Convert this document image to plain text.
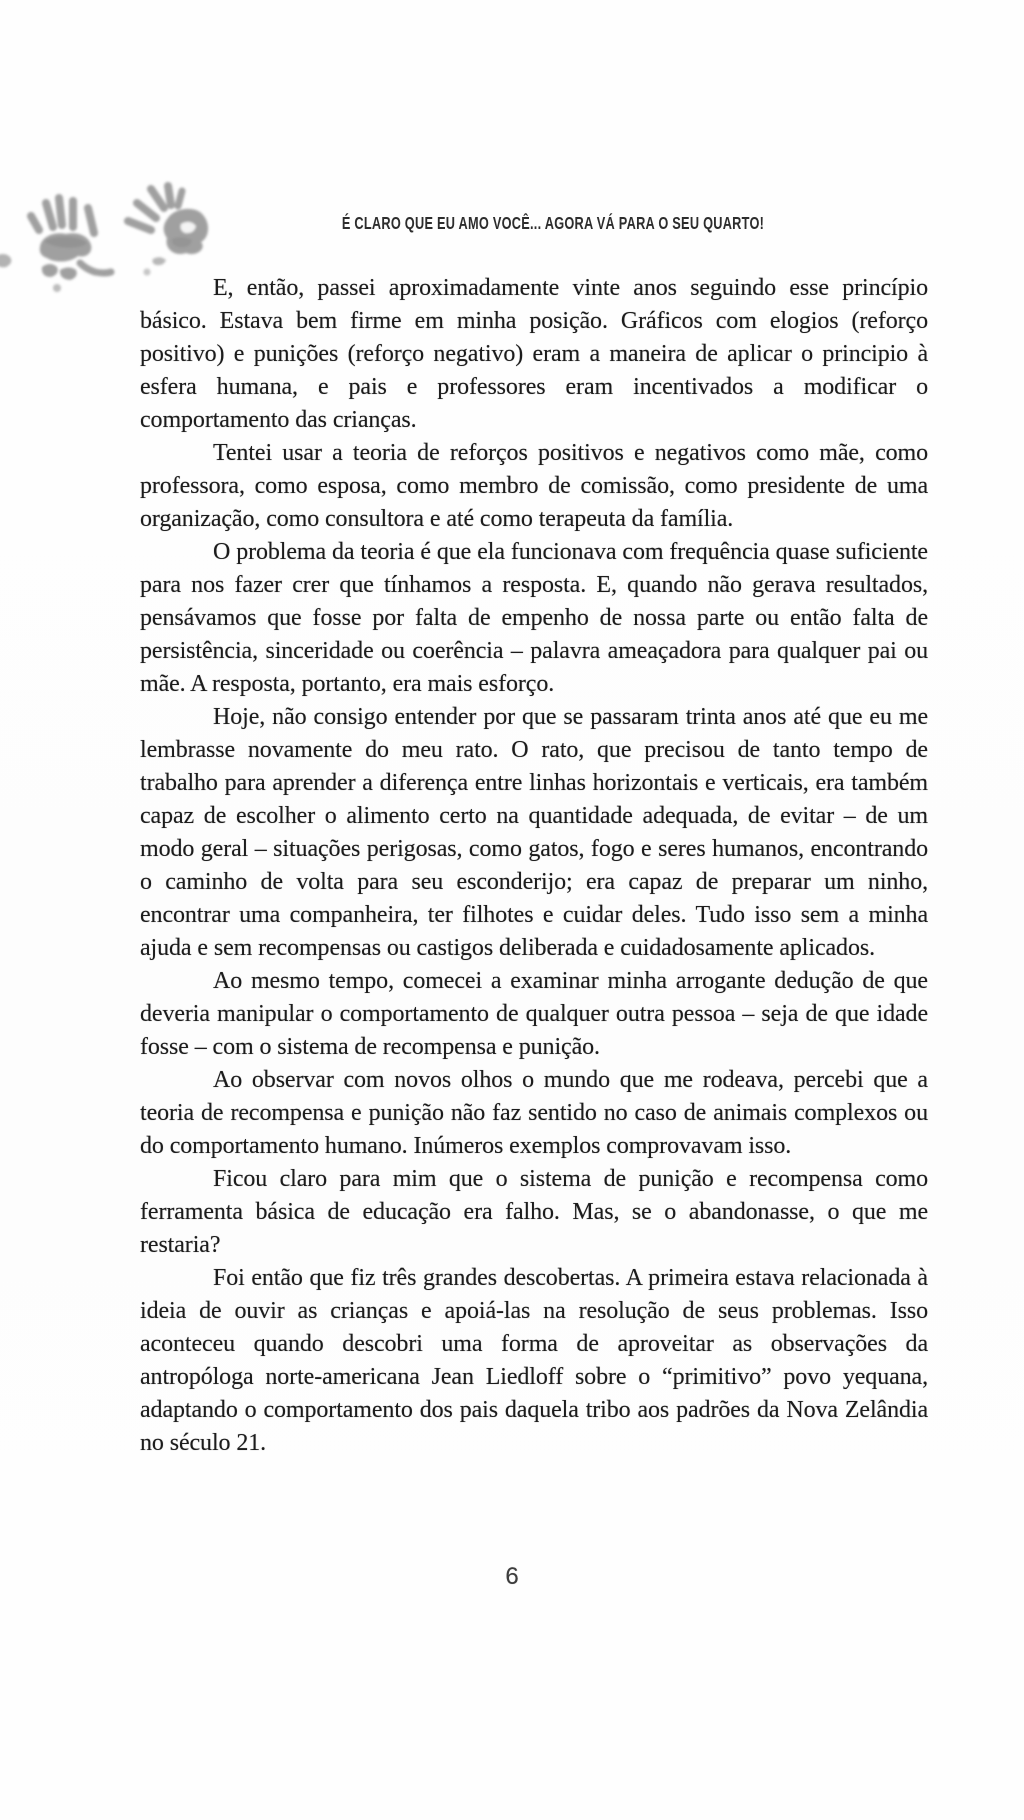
É CLARO QUE EU AMO VOCÊ... AGORA VÁ PARA O SEU QUARTO!

E, então, passei aproximadamente vinte anos seguindo esse princípio básico. Estava bem firme em minha posição. Gráficos com elogios (reforço positivo) e punições (reforço negativo) eram a maneira de aplicar o principio à esfera humana, e pais e professores eram incentivados a modificar o comportamento das crianças.

Tentei usar a teoria de reforços positivos e negativos como mãe, como professora, como esposa, como membro de comissão, como presidente de uma organização, como consultora e até como terapeuta da família.

O problema da teoria é que ela funcionava com frequência quase suficiente para nos fazer crer que tínhamos a resposta. E, quando não gerava resultados, pensávamos que fosse por falta de empenho de nossa parte ou então falta de persistência, sinceridade ou coerência – palavra ameaçadora para qualquer pai ou mãe. A resposta, portanto, era mais esforço.

Hoje, não consigo entender por que se passaram trinta anos até que eu me lembrasse novamente do meu rato. O rato, que precisou de tanto tempo de trabalho para aprender a diferença entre linhas horizontais e verticais, era também capaz de escolher o alimento certo na quantidade adequada, de evitar – de um modo geral – situações perigosas, como gatos, fogo e seres humanos, encontrando o caminho de volta para seu esconderijo; era capaz de preparar um ninho, encontrar uma companheira, ter filhotes e cuidar deles. Tudo isso sem a minha ajuda e sem recompensas ou castigos deliberada e cuidadosamente aplicados.

Ao mesmo tempo, comecei a examinar minha arrogante dedução de que deveria manipular o comportamento de qualquer outra pessoa – seja de que idade fosse – com o sistema de recompensa e punição.

Ao observar com novos olhos o mundo que me rodeava, percebi que a teoria de recompensa e punição não faz sentido no caso de animais complexos ou do comportamento humano. Inúmeros exemplos comprovavam isso.

Ficou claro para mim que o sistema de punição e recompensa como ferramenta básica de educação era falho. Mas, se o abandonasse, o que me restaria?

Foi então que fiz três grandes descobertas. A primeira estava relacionada à ideia de ouvir as crianças e apoiá-las na resolução de seus problemas. Isso aconteceu quando descobri uma forma de aproveitar as observações da antropóloga norte-americana Jean Liedloff sobre o “primitivo” povo yequana, adaptando o comportamento dos pais daquela tribo aos padrões da Nova Zelândia no século 21.

6
